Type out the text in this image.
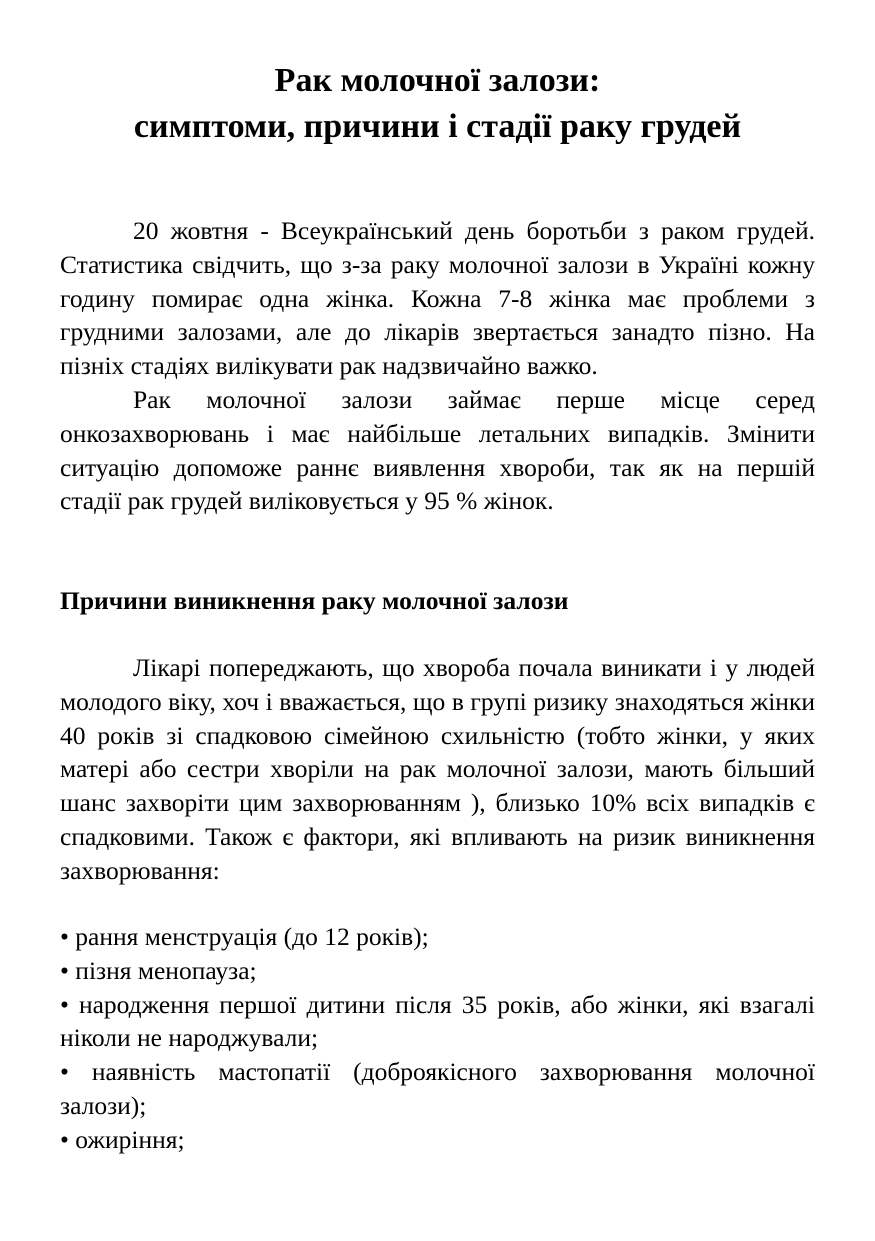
Рак молочної залози:
симптоми, причини і стадії раку грудей

20 жовтня - Всеукраїнський день боротьби з раком грудей. Статистика свідчить, що з-за раку молочної залози в Україні кожну годину помирає одна жінка. Кожна 7-8 жінка має проблеми з грудними залозами, але до лікарів звертається занадто пізно. На пізніх стадіях вилікувати рак надзвичайно важко.

Рак молочної залози займає перше місце серед онкозахворювань і має найбільше летальних випадків. Змінити ситуацію допоможе раннє виявлення хвороби, так як на першій стадії рак грудей виліковується у 95 % жінок.

Причини виникнення раку молочної залози

Лікарі попереджають, що хвороба почала виникати і у людей молодого віку, хоч і вважається, що в групі ризику знаходяться жінки 40 років зі спадковою сімейною схильністю (тобто жінки, у яких матері або сестри хворіли на рак молочної залози, мають більший шанс захворіти цим захворюванням ), близько 10% всіх випадків є спадковими. Також є фактори, які впливають на ризик виникнення захворювання:

• рання менструація (до 12 років);
• пізня менопауза;
• народження першої дитини після 35 років, або жінки, які взагалі ніколи не народжували;
• наявність мастопатії (доброякісного захворювання молочної залози);
• ожиріння;
